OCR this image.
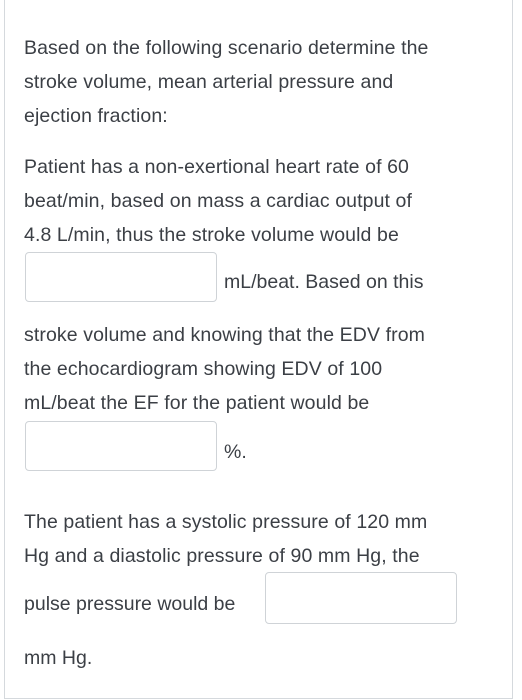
Based on the following scenario determine the
stroke volume, mean arterial pressure and
ejection fraction:
Patient has a non-exertional heart rate of 60
beat/min, based on mass a cardiac output of
4.8 L/min, thus the stroke volume would be
mL/beat. Based on this
stroke volume and knowing that the EDV from
the echocardiogram showing EDV of 100
mL/beat the EF for the patient would be
%.
The patient has a systolic pressure of 120 mm
Hg and a diastolic pressure of 90 mm Hg, the
pulse pressure would be
mm Hg.
